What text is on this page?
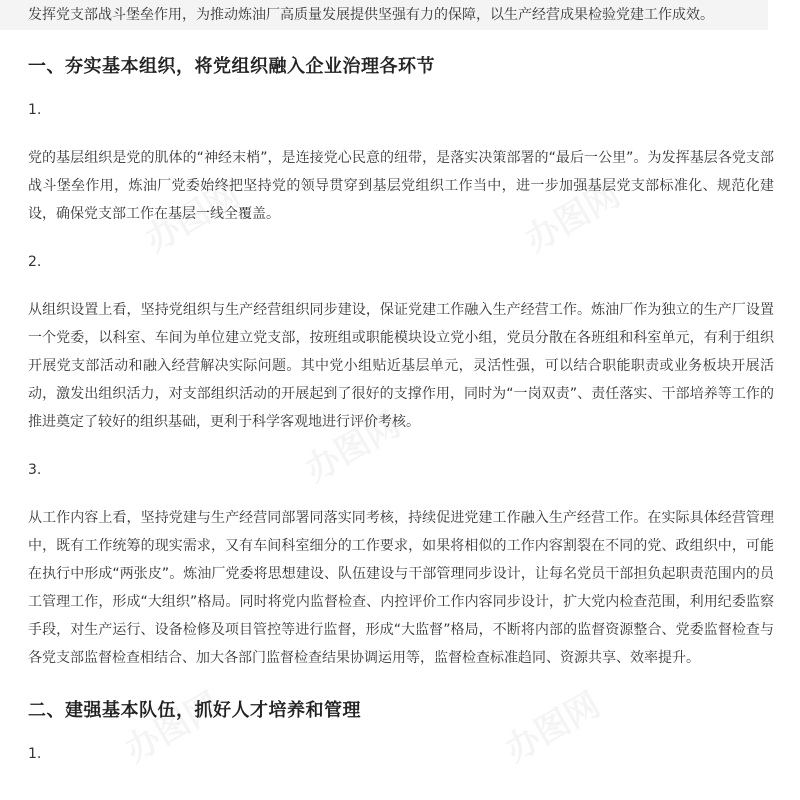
发挥党支部战斗堡垒作用，为推动炼油厂高质量发展提供坚强有力的保障，以生产经营成果检验党建工作成效。
一、夯实基本组织，将党组织融入企业治理各环节
1.

党的基层组织是党的肌体的“神经末梢”，是连接党心民意的纽带，是落实决策部署的“最后一公里”。为发挥基层各党支部战斗堡垒作用，炼油厂党委始终把坚持党的领导贯穿到基层党组织工作当中，进一步加强基层党支部标准化、规范化建设，确保党支部工作在基层一线全覆盖。

2.

从组织设置上看，坚持党组织与生产经营组织同步建设，保证党建工作融入生产经营工作。炼油厂作为独立的生产厂设置一个党委，以科室、车间为单位建立党支部，按班组或职能模块设立党小组，党员分散在各班组和科室单元，有利于组织开展党支部活动和融入经营解决实际问题。其中党小组贴近基层单元，灵活性强，可以结合职能职责或业务板块开展活动，激发出组织活力，对支部组织活动的开展起到了很好的支撑作用，同时为“一岗双责”、责任落实、干部培养等工作的推进奠定了较好的组织基础，更利于科学客观地进行评价考核。

3.

从工作内容上看，坚持党建与生产经营同部署同落实同考核，持续促进党建工作融入生产经营工作。在实际具体经营管理中，既有工作统筹的现实需求，又有车间科室细分的工作要求，如果将相似的工作内容割裂在不同的党、政组织中，可能在执行中形成“两张皮”。炼油厂党委将思想建设、队伍建设与干部管理同步设计，让每名党员干部担负起职责范围内的员工管理工作，形成“大组织”格局。同时将党内监督检查、内控评价工作内容同步设计，扩大党内检查范围，利用纪委监察手段，对生产运行、设备检修及项目管控等进行监督，形成“大监督”格局，不断将内部的监督资源整合、党委监督检查与各党支部监督检查相结合、加大各部门监督检查结果协调运用等，监督检查标准趋同、资源共享、效率提升。

二、建强基本队伍，抓好人才培养和管理
1.
